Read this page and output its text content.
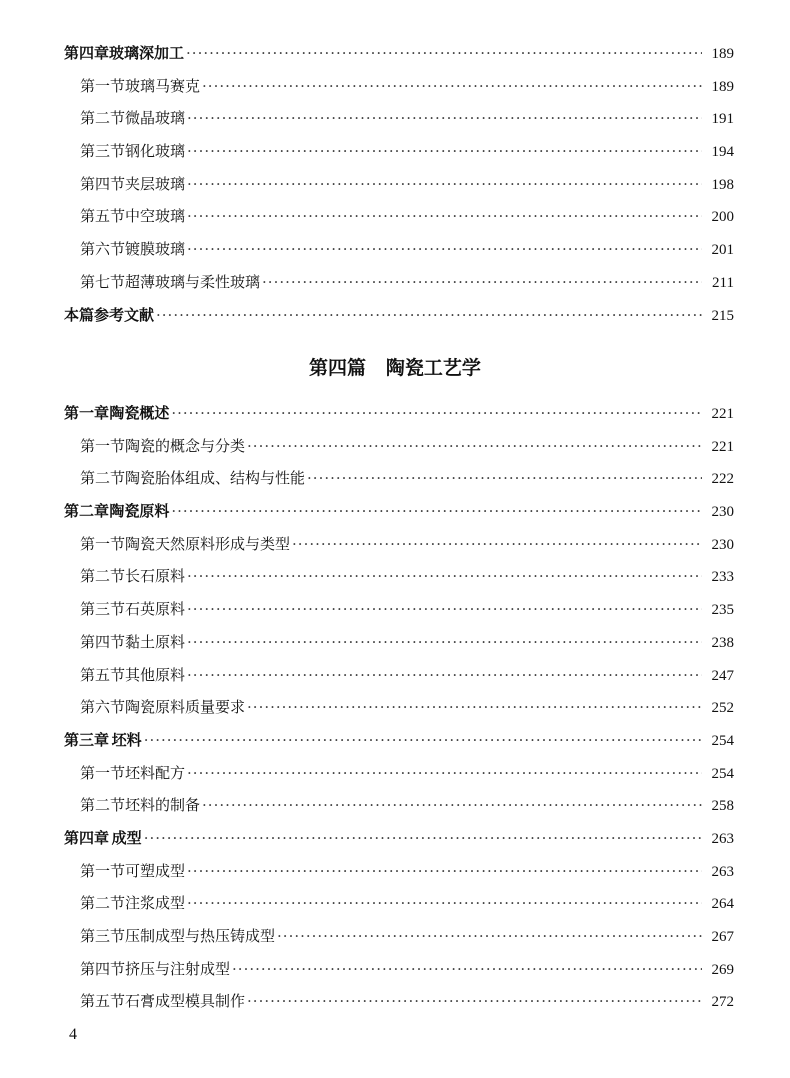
第四章 玻璃深加工 ·····	189
第一节 玻璃马赛克 ·····	189
第二节 微晶玻璃 ·····	191
第三节 钢化玻璃 ·····	194
第四节 夹层玻璃 ·····	198
第五节 中空玻璃 ·····	200
第六节 镀膜玻璃 ·····	201
第七节 超薄玻璃与柔性玻璃 ·····	211
本篇参考文献 ·····	215
第四篇 陶瓷工艺学
第一章 陶瓷概述 ·····	221
第一节 陶瓷的概念与分类 ·····	221
第二节 陶瓷胎体组成、结构与性能 ·····	222
第二章 陶瓷原料 ·····	230
第一节 陶瓷天然原料形成与类型 ·····	230
第二节 长石原料 ·····	233
第三节 石英原料 ·····	235
第四节 黏土原料 ·····	238
第五节 其他原料 ·····	247
第六节 陶瓷原料质量要求 ·····	252
第三章 坯料 ·····	254
第一节 坯料配方 ·····	254
第二节 坯料的制备 ·····	258
第四章 成型 ·····	263
第一节 可塑成型 ·····	263
第二节 注浆成型 ·····	264
第三节 压制成型与热压铸成型 ·····	267
第四节 挤压与注射成型 ·····	269
第五节 石膏成型模具制作 ·····	272
4
